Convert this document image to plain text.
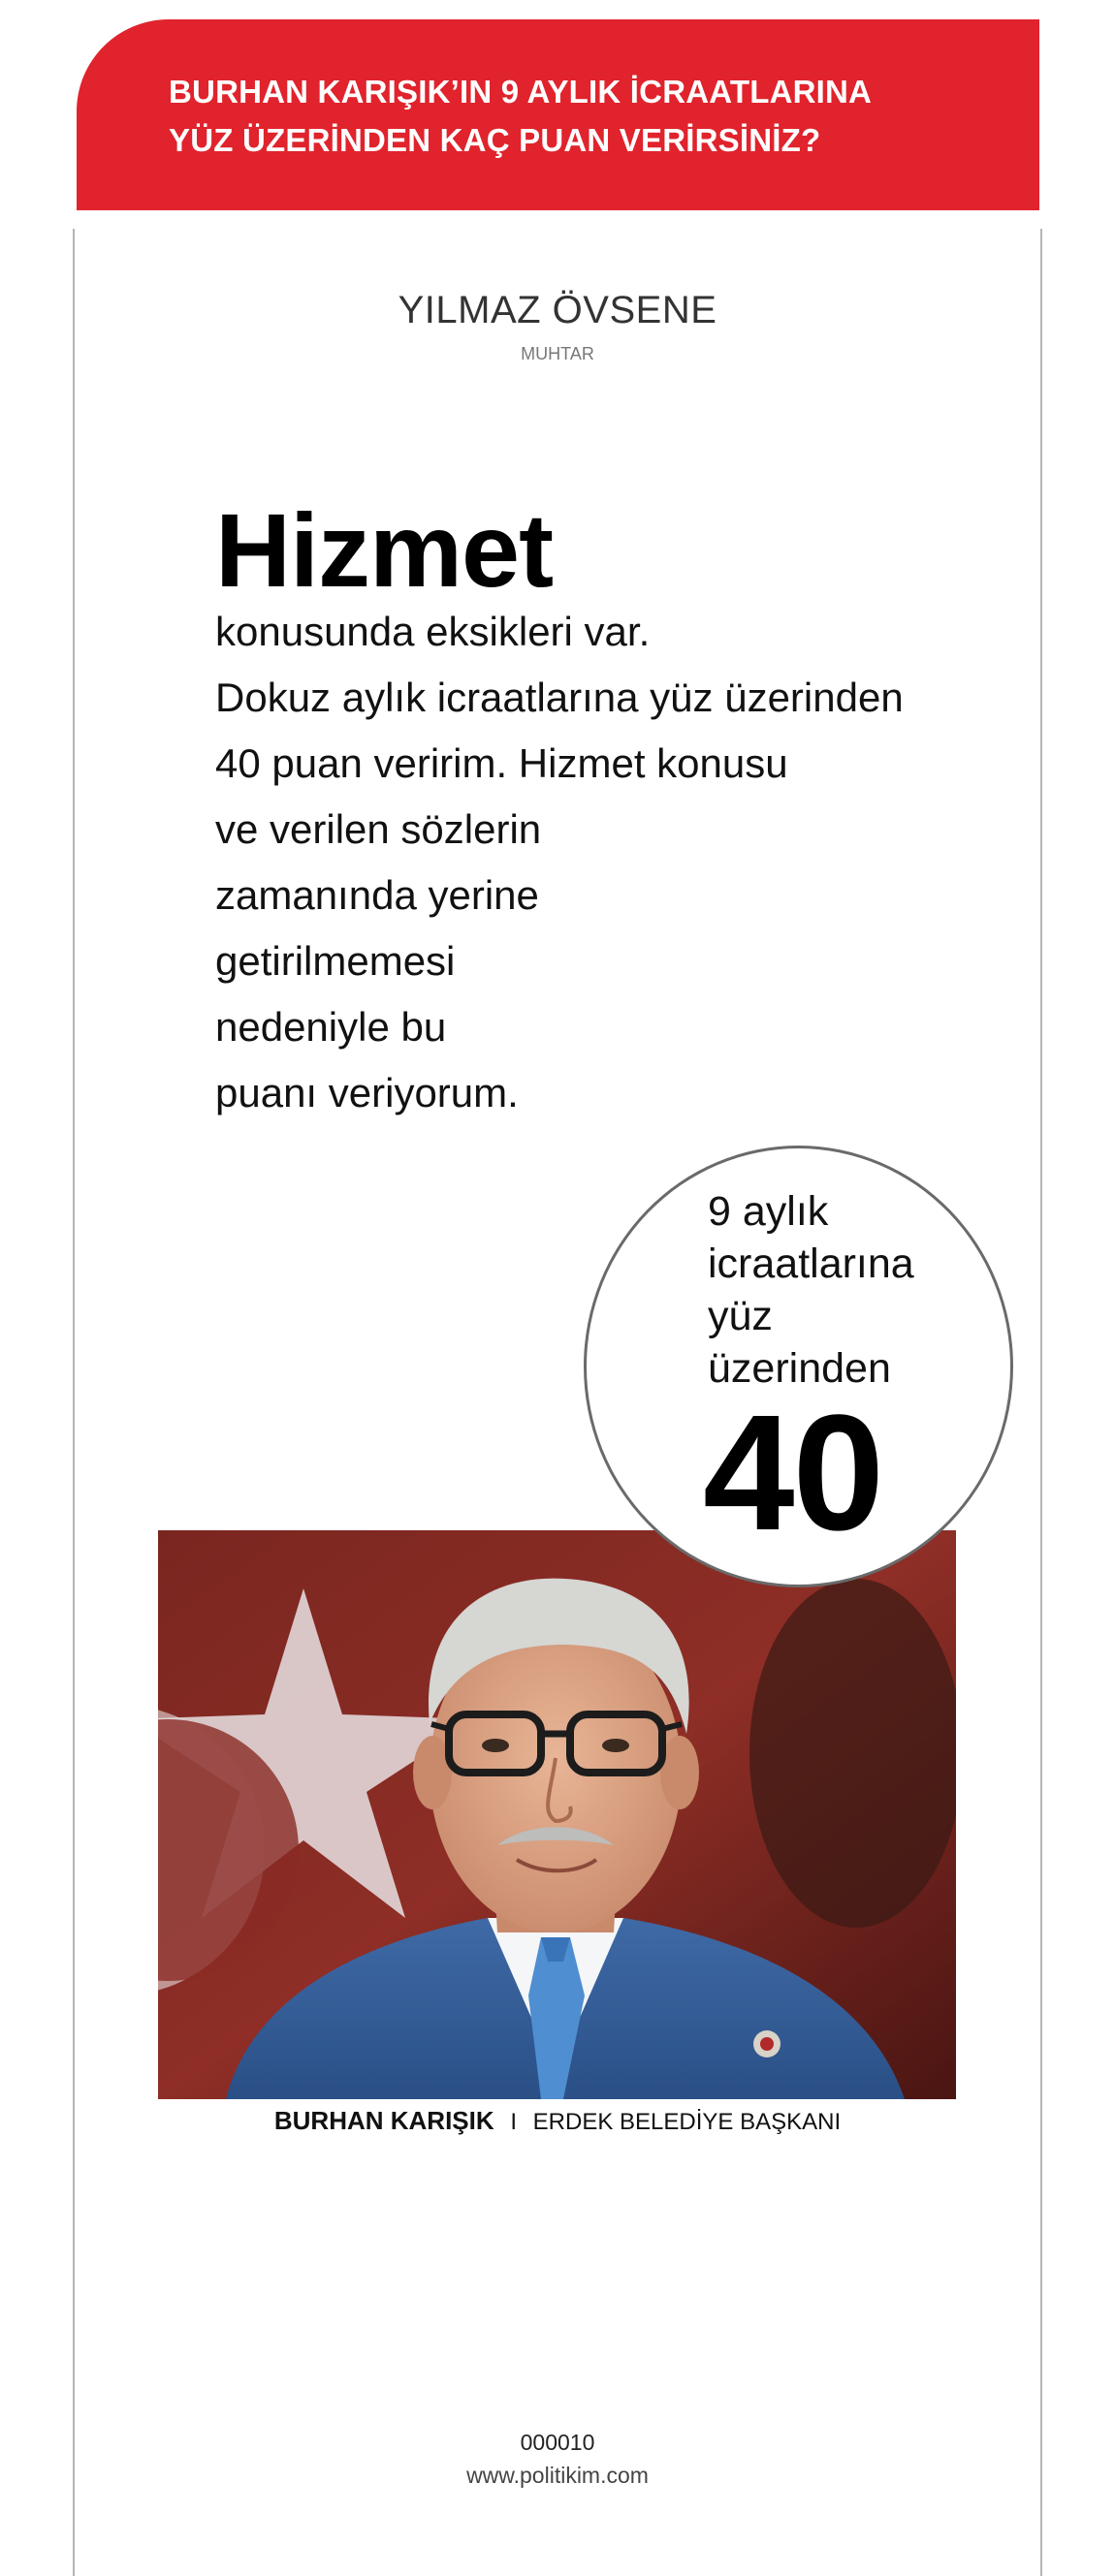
BURHAN KARIŞIK’IN 9 AYLIK İCRAATLARINA
YÜZ ÜZERİNDEN KAÇ PUAN VERİRSİNİZ?
YILMAZ ÖVSENE
MUHTAR
Hizmet
konusunda eksikleri var.
Dokuz aylık icraatlarına yüz üzerinden
40 puan veririm. Hizmet konusu
ve verilen sözlerin
zamanında yerine
getirilmemesi
nedeniyle bu
puanı veriyorum.
9 aylık
icraatlarına
yüz
üzerinden
40
BURHAN KARIŞIK I ERDEK BELEDİYE BAŞKANI
000010
www.politikim.com
